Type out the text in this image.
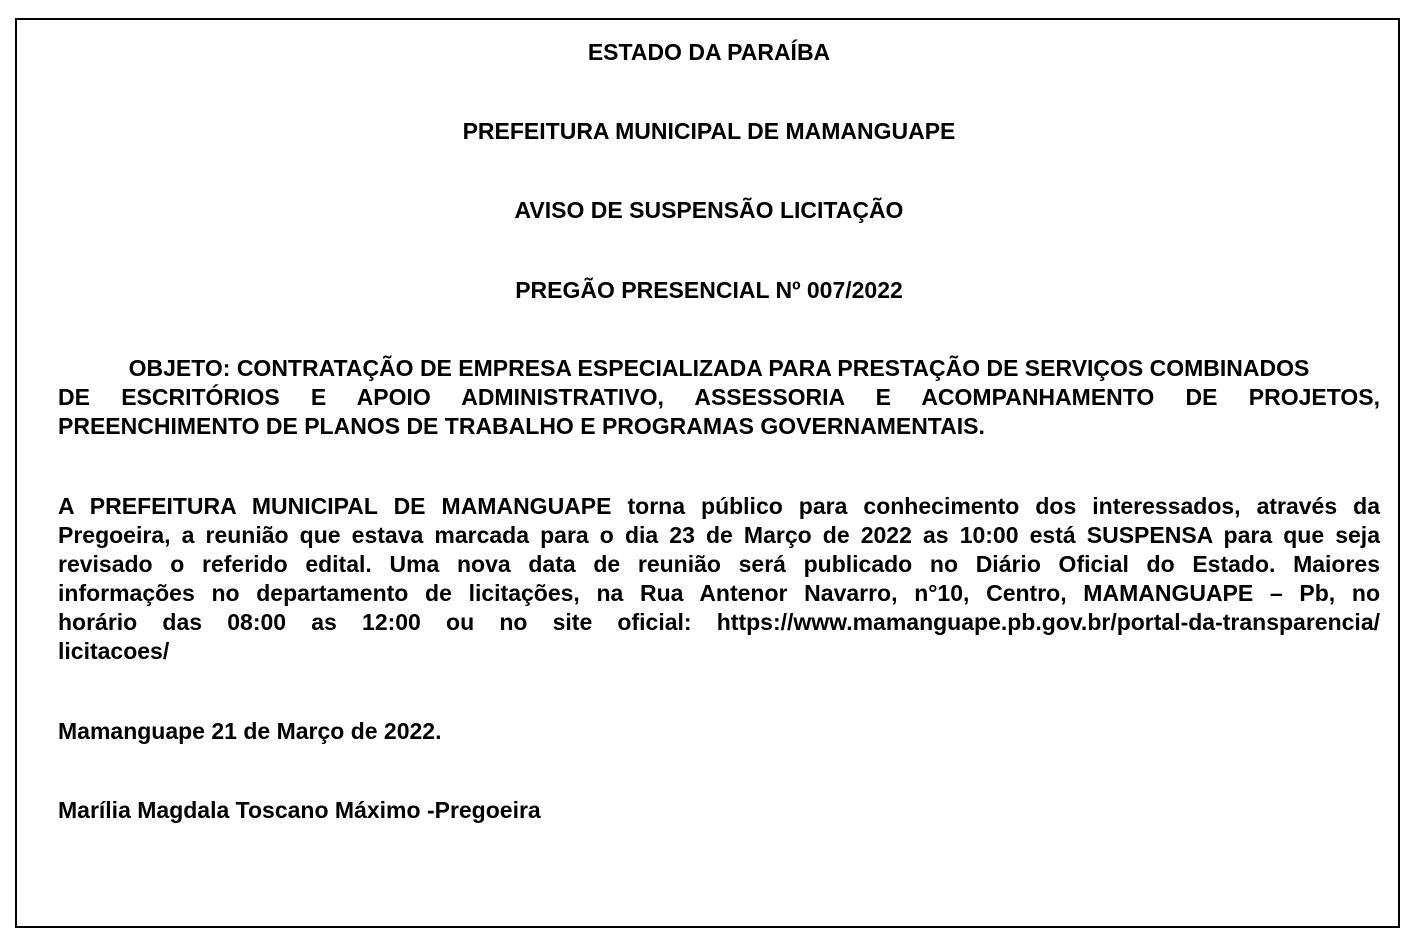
ESTADO DA PARAÍBA
PREFEITURA MUNICIPAL DE MAMANGUAPE
AVISO DE SUSPENSÃO LICITAÇÃO
PREGÃO PRESENCIAL Nº 007/2022
OBJETO: CONTRATAÇÃO DE EMPRESA ESPECIALIZADA PARA PRESTAÇÃO DE SERVIÇOS COMBINADOS
DE ESCRITÓRIOS E APOIO ADMINISTRATIVO, ASSESSORIA E ACOMPANHAMENTO DE PROJETOS,
PREENCHIMENTO DE PLANOS DE TRABALHO E PROGRAMAS GOVERNAMENTAIS.
A PREFEITURA MUNICIPAL DE MAMANGUAPE torna público para conhecimento dos interessados, através da
Pregoeira, a reunião que estava marcada para o dia 23 de Março de 2022 as 10:00 está SUSPENSA para que seja
revisado o referido edital. Uma nova data de reunião será publicado no Diário Oficial do Estado. Maiores
informações no departamento de licitações, na Rua Antenor Navarro, n°10, Centro, MAMANGUAPE – Pb, no
horário das 08:00 as 12:00 ou no site oficial: https://www.mamanguape.pb.gov.br/portal-da-transparencia/
licitacoes/
Mamanguape 21 de Março de 2022.
Marília Magdala Toscano Máximo -Pregoeira
